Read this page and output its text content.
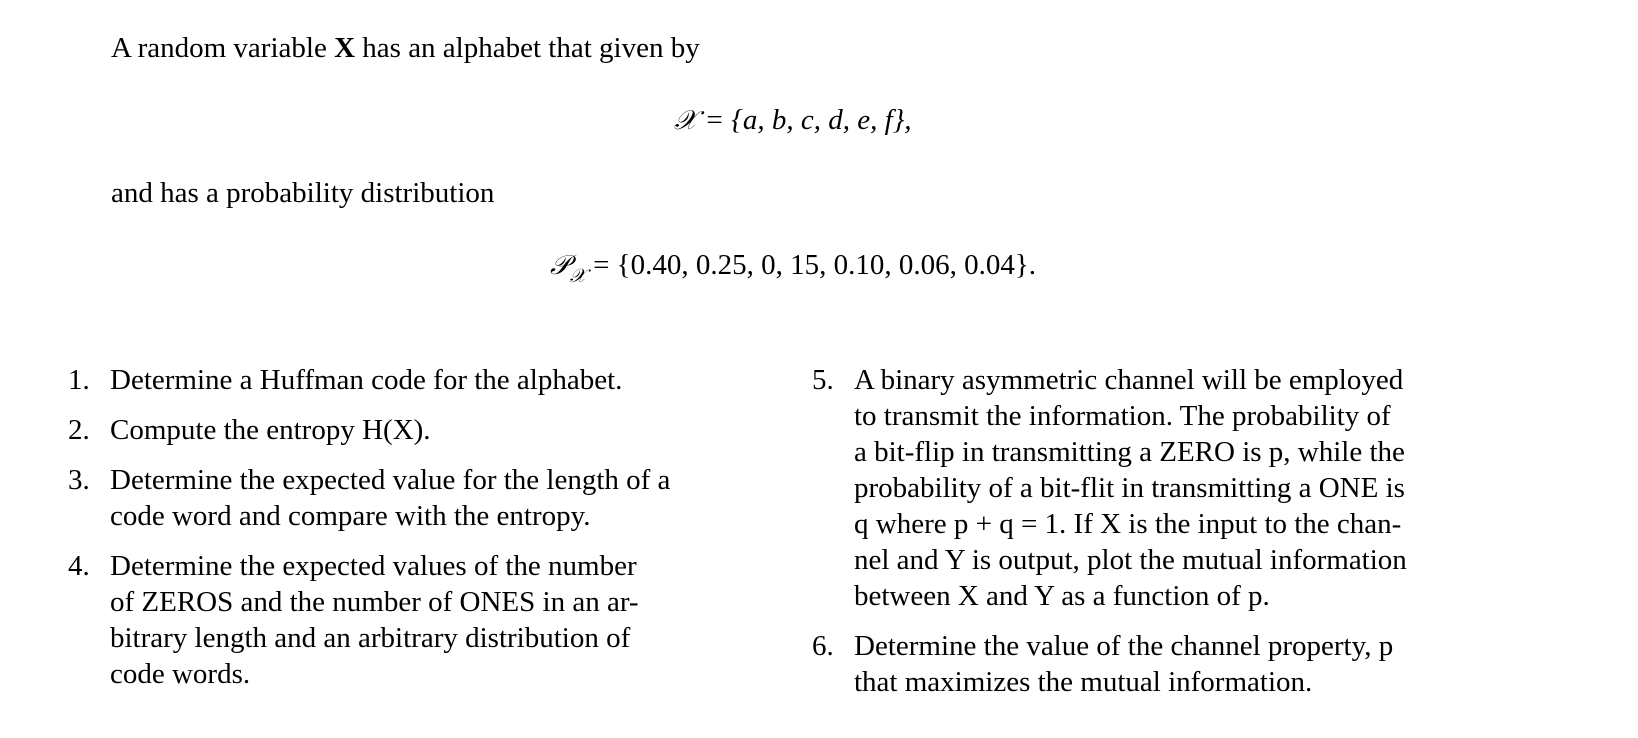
A random variable X has an alphabet that given by
𝒳 = {a, b, c, d, e, f},
and has a probability distribution
𝒫$_𝒳$ = {0.40, 0.25, 0, 15, 0.10, 0.06, 0.04}.
1. Determine a Huffman code for the alphabet.
2. Compute the entropy H(X).
3. Determine the expected value for the length of a
code word and compare with the entropy.
4. Determine the expected values of the number
of ZEROS and the number of ONES in an ar-
bitrary length and an arbitrary distribution of
code words.
5. A binary asymmetric channel will be employed
to transmit the information. The probability of
a bit-flip in transmitting a ZERO is p, while the
probability of a bit-flit in transmitting a ONE is
q where p + q = 1. If X is the input to the chan-
nel and Y is output, plot the mutual information
between X and Y as a function of p.
6. Determine the value of the channel property, p
that maximizes the mutual information.
